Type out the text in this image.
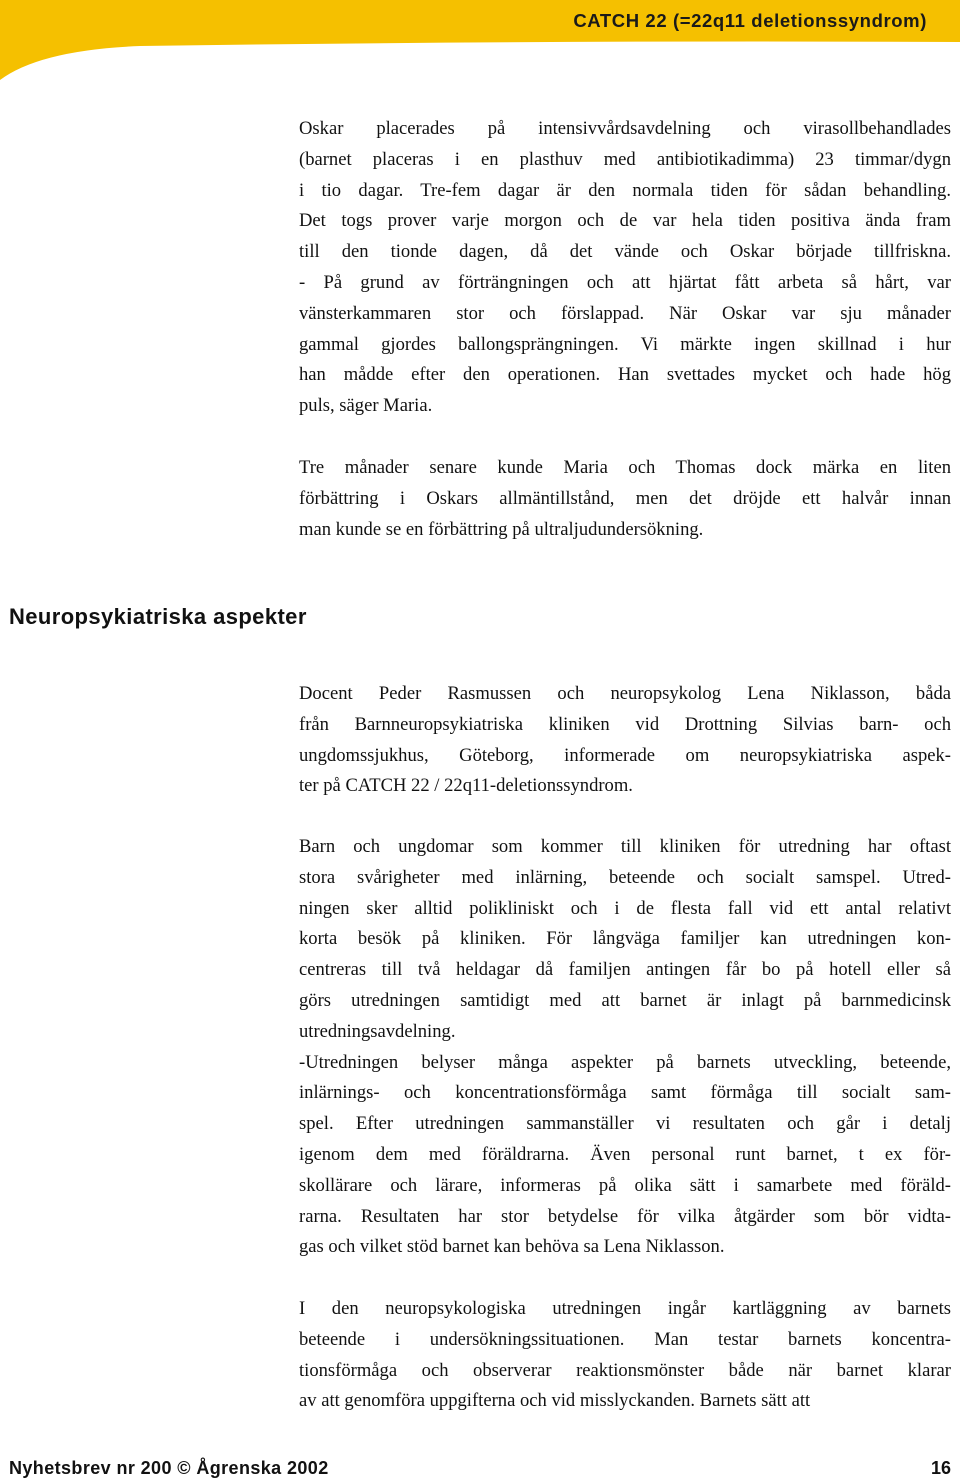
CATCH 22 (=22q11 deletionssyndrom)
Oskar placerades på intensivvårdsavdelning och virasollbehandlades
(barnet placeras i en plasthuv med antibiotikadimma) 23 timmar/dygn
i tio dagar. Tre-fem dagar är den normala tiden för sådan behandling.
Det togs prover varje morgon och de var hela tiden positiva ända fram
till den tionde dagen, då det vände och Oskar började tillfriskna.
- På grund av förträngningen och att hjärtat fått arbeta så hårt, var
vänsterkammaren stor och förslappad. När Oskar var sju månader
gammal gjordes ballongsprängningen. Vi märkte ingen skillnad i hur
han mådde efter den operationen. Han svettades mycket och hade hög
puls, säger Maria.
Tre månader senare kunde Maria och Thomas dock märka en liten
förbättring i Oskars allmäntillstånd, men det dröjde ett halvår innan
man kunde se en förbättring på ultraljudundersökning.
Neuropsykiatriska aspekter
Docent Peder Rasmussen och neuropsykolog Lena Niklasson, båda
från Barnneuropsykiatriska kliniken vid Drottning Silvias barn- och
ungdomssjukhus, Göteborg, informerade om neuropsykiatriska aspek-
ter på CATCH 22 / 22q11-deletionssyndrom.
Barn och ungdomar som kommer till kliniken för utredning har oftast
stora svårigheter med inlärning, beteende och socialt samspel. Utred-
ningen sker alltid polikliniskt och i de flesta fall vid ett antal relativt
korta besök på kliniken. För långväga familjer kan utredningen kon-
centreras till två heldagar då familjen antingen får bo på hotell eller så
görs utredningen samtidigt med att barnet är inlagt på barnmedicinsk
utredningsavdelning.
-Utredningen belyser många aspekter på barnets utveckling, beteende,
inlärnings- och koncentrationsförmåga samt förmåga till socialt sam-
spel. Efter utredningen sammanställer vi resultaten och går i detalj
igenom dem med föräldrarna. Även personal runt barnet, t ex för-
skollärare och lärare, informeras på olika sätt i samarbete med föräld-
rarna. Resultaten har stor betydelse för vilka åtgärder som bör vidta-
gas och vilket stöd barnet kan behöva sa Lena Niklasson.
I den neuropsykologiska utredningen ingår kartläggning av barnets
beteende i undersökningssituationen. Man testar barnets koncentra-
tionsförmåga och observerar reaktionsmönster både när barnet klarar
av att genomföra uppgifterna och vid misslyckanden. Barnets sätt att
Nyhetsbrev nr 200 © Ågrenska 2002	16
